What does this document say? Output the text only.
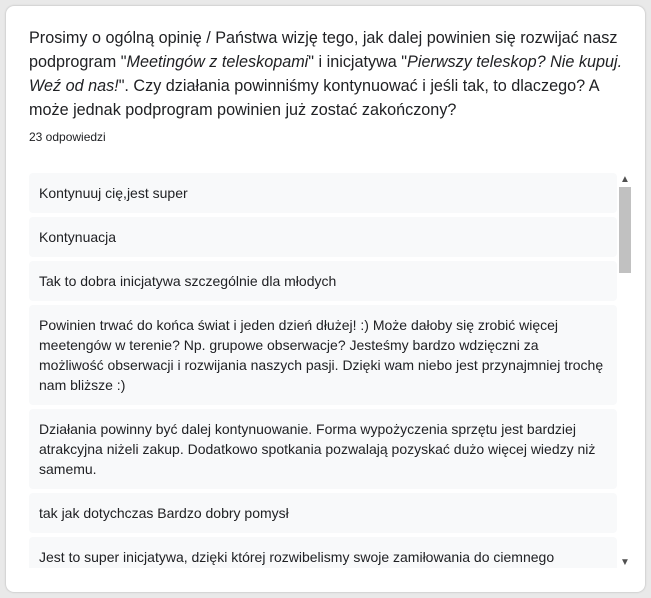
Prosimy o ogólną opinię / Państwa wizję tego, jak dalej powinien się rozwijać nasz podprogram "Meetingów z teleskopami" i inicjatywa "Pierwszy teleskop? Nie kupuj. Weź od nas!". Czy działania powinniśmy kontynuować i jeśli tak, to dlaczego? A może jednak podprogram powinien już zostać zakończony?
23 odpowiedzi
Kontynuuj cię,jest super
Kontynuacja
Tak to dobra inicjatywa szczególnie dla młodych
Powinien trwać do końca świat i jeden dzień dłużej! :) Może dałoby się zrobić więcej meetengów w terenie? Np. grupowe obserwacje? Jesteśmy bardzo wdzięczni za możliwość obserwacji i rozwijania naszych pasji. Dzięki wam niebo jest przynajmniej trochę nam bliższe :)
Działania powinny być dalej kontynuowanie. Forma wypożyczenia sprzętu jest bardziej atrakcyjna niżeli zakup. Dodatkowo spotkania pozwalają pozyskać dużo więcej wiedzy niż samemu.
tak jak dotychczas Bardzo dobry pomysł
Jest to super inicjatywa, dzięki której rozwibelismy swoje zamiłowania do ciemnego
▲
▼
